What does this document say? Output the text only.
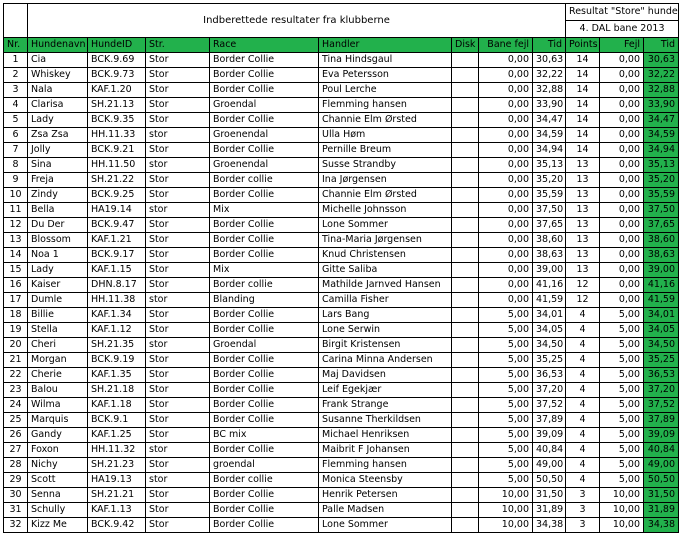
	Indberettede resultater fra klubberne								Resultat "Store" hunde		
									4. DAL bane 2013		
Nr.	Hundenavn	HundeID	Str.	Race	Handler	Disk	Bane fejl	Tid	Points	Fejl	Tid
1	Cia	BCK.9.69	Stor	Border Collie	Tina Hindsgaul		0,00	30,63	14	0,00	30,63
2	Whiskey	BCK.9.73	Stor	Border Collie	Eva Petersson		0,00	32,22	14	0,00	32,22
3	Nala	KAF.1.20	Stor	Border Collie	Poul Lerche		0,00	32,88	14	0,00	32,88
4	Clarisa	SH.21.13	Stor	Groendal	Flemming hansen		0,00	33,90	14	0,00	33,90
5	Lady	BCK.9.35	Stor	Border Collie	Channie Elm Ørsted		0,00	34,47	14	0,00	34,47
6	Zsa Zsa	HH.11.33	stor	Groenendal	Ulla Høm		0,00	34,59	14	0,00	34,59
7	Jolly	BCK.9.21	Stor	Border Collie	Pernille Breum		0,00	34,94	14	0,00	34,94
8	Sina	HH.11.50	stor	Groenendal	Susse Strandby		0,00	35,13	13	0,00	35,13
9	Freja	SH.21.22	Stor	Border collie	Ina Jørgensen		0,00	35,20	13	0,00	35,20
10	Zindy	BCK.9.25	Stor	Border Collie	Channie Elm Ørsted		0,00	35,59	13	0,00	35,59
11	Bella	HA19.14	stor	Mix	Michelle Johnsson		0,00	37,50	13	0,00	37,50
12	Du Der	BCK.9.47	Stor	Border Collie	Lone Sommer		0,00	37,65	13	0,00	37,65
13	Blossom	KAF.1.21	Stor	Border Collie	Tina-Maria Jørgensen		0,00	38,60	13	0,00	38,60
14	Noa 1	BCK.9.17	Stor	Border Collie	Knud Christensen		0,00	38,63	13	0,00	38,63
15	Lady	KAF.1.15	Stor	Mix	Gitte Saliba		0,00	39,00	13	0,00	39,00
16	Kaiser	DHN.8.17	Stor	Border collie	Mathilde Jarnved Hansen		0,00	41,16	12	0,00	41,16
17	Dumle	HH.11.38	stor	Blanding	Camilla Fisher		0,00	41,59	12	0,00	41,59
18	Billie	KAF.1.34	Stor	Border Collie	Lars Bang		5,00	34,01	4	5,00	34,01
19	Stella	KAF.1.12	Stor	Border Collie	Lone Serwin		5,00	34,05	4	5,00	34,05
20	Cheri	SH.21.35	stor	Groendal	Birgit Kristensen		5,00	34,50	4	5,00	34,50
21	Morgan	BCK.9.19	Stor	Border Collie	Carina Minna Andersen		5,00	35,25	4	5,00	35,25
22	Cherie	KAF.1.35	Stor	Border Collie	Maj Davidsen		5,00	36,53	4	5,00	36,53
23	Balou	SH.21.18	Stor	Border Collie	Leif Egekjær		5,00	37,20	4	5,00	37,20
24	Wilma	KAF.1.18	Stor	Border Collie	Frank Strange		5,00	37,52	4	5,00	37,52
25	Marquis	BCK.9.1	Stor	Border Collie	Susanne Therkildsen		5,00	37,89	4	5,00	37,89
26	Gandy	KAF.1.25	Stor	BC mix	Michael Henriksen		5,00	39,09	4	5,00	39,09
27	Foxon	HH.11.32	stor	Border Collie	Maibrit F Johansen		5,00	40,84	4	5,00	40,84
28	Nichy	SH.21.23	Stor	groendal	Flemming hansen		5,00	49,00	4	5,00	49,00
29	Scott	HA19.13	stor	Border collie	Monica Steensby		5,00	50,50	4	5,00	50,50
30	Senna	SH.21.21	Stor	Border Collie	Henrik Petersen		10,00	31,50	3	10,00	31,50
31	Schully	KAF.1.13	Stor	Border Collie	Palle Madsen		10,00	31,89	3	10,00	31,89
32	Kizz Me	BCK.9.42	Stor	Border Collie	Lone Sommer		10,00	34,38	3	10,00	34,38
